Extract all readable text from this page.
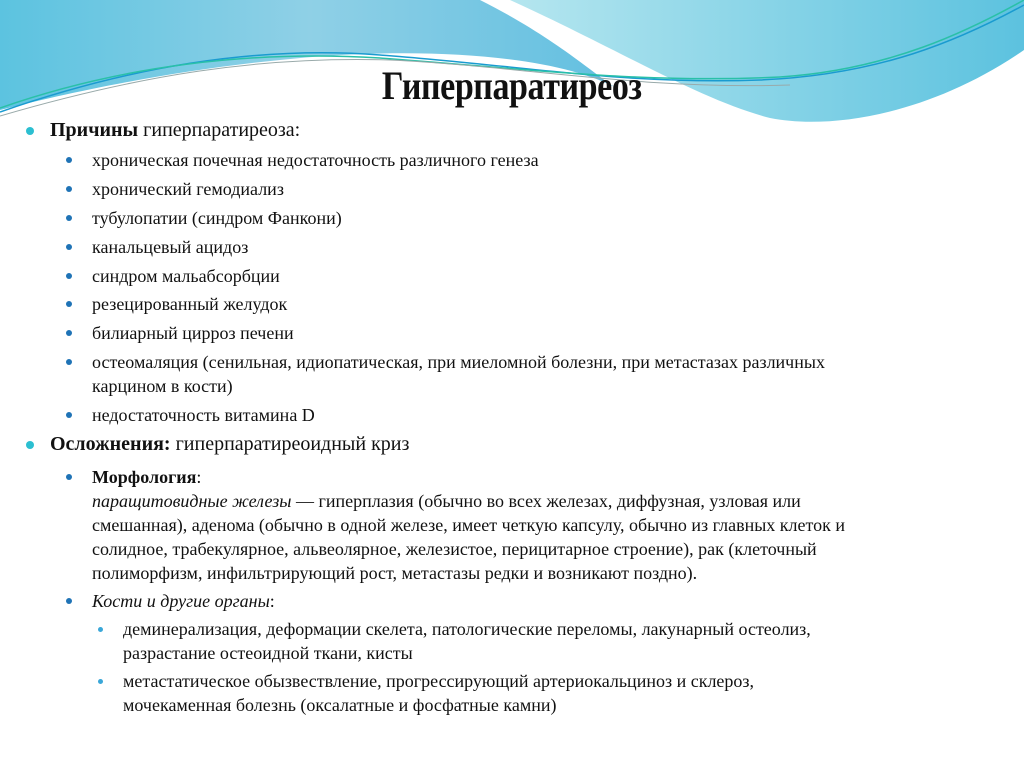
Гиперпаратиреоз
Причины гиперпаратиреоза:
хроническая почечная недостаточность различного генеза
хронический гемодиализ
тубулопатии (синдром Фанкони)
канальцевый ацидоз
синдром мальабсорбции
резецированный желудок
билиарный цирроз печени
остеомаляция (сенильная, идиопатическая, при миеломной болезни, при метастазах различных
карцином в кости)
недостаточность витамина D
Осложнения: гиперпаратиреоидный криз
Морфология:
паращитовидные железы — гиперплазия (обычно во всех железах, диффузная, узловая или
смешанная), аденома (обычно в одной железе, имеет четкую капсулу, обычно из главных клеток и
солидное, трабекулярное, альвеолярное, железистое, перицитарное строение), рак (клеточный
полиморфизм, инфильтрирующий рост, метастазы редки и возникают поздно).
Кости и другие органы:
деминерализация, деформации скелета, патологические переломы, лакунарный остеолиз,
разрастание остеоидной ткани, кисты
метастатическое обызвествление, прогрессирующий артериокальциноз и склероз,
мочекаменная болезнь (оксалатные и фосфатные камни)
